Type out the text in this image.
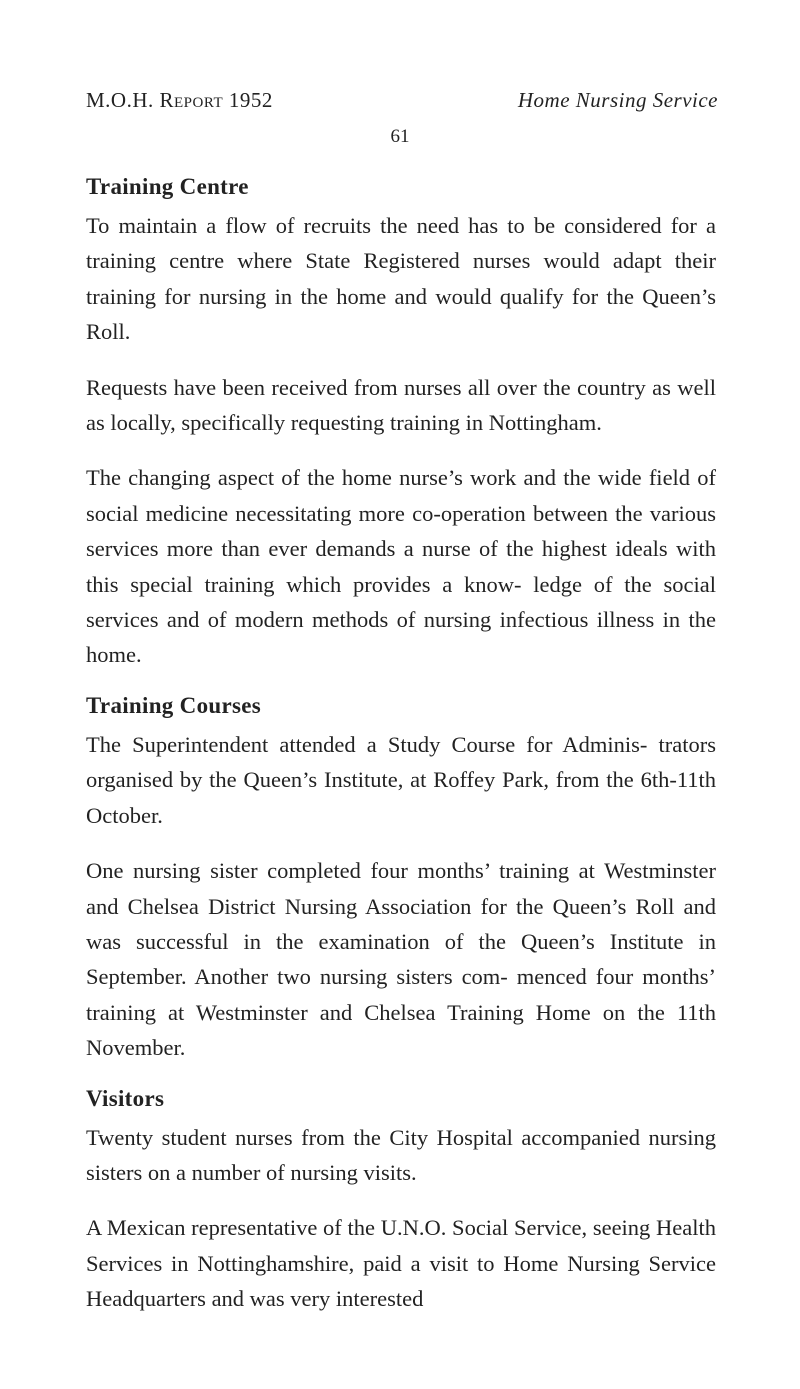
M.O.H. Report 1952	Home Nursing Service
61
Training Centre

To maintain a flow of recruits the need has to be considered for a training centre where State Registered nurses would adapt their training for nursing in the home and would qualify for the Queen’s Roll.

Requests have been received from nurses all over the country as well as locally, specifically requesting training in Nottingham.

The changing aspect of the home nurse’s work and the wide field of social medicine necessitating more co-operation between the various services more than ever demands a nurse of the highest ideals with this special training which provides a know- ledge of the social services and of modern methods of nursing infectious illness in the home.

Training Courses

The Superintendent attended a Study Course for Adminis- trators organised by the Queen’s Institute, at Roffey Park, from the 6th-11th October.

One nursing sister completed four months’ training at Westminster and Chelsea District Nursing Association for the Queen’s Roll and was successful in the examination of the Queen’s Institute in September. Another two nursing sisters com- menced four months’ training at Westminster and Chelsea Training Home on the 11th November.

Visitors

Twenty student nurses from the City Hospital accompanied nursing sisters on a number of nursing visits.

A Mexican representative of the U.N.O. Social Service, seeing Health Services in Nottinghamshire, paid a visit to Home Nursing Service Headquarters and was very interested
